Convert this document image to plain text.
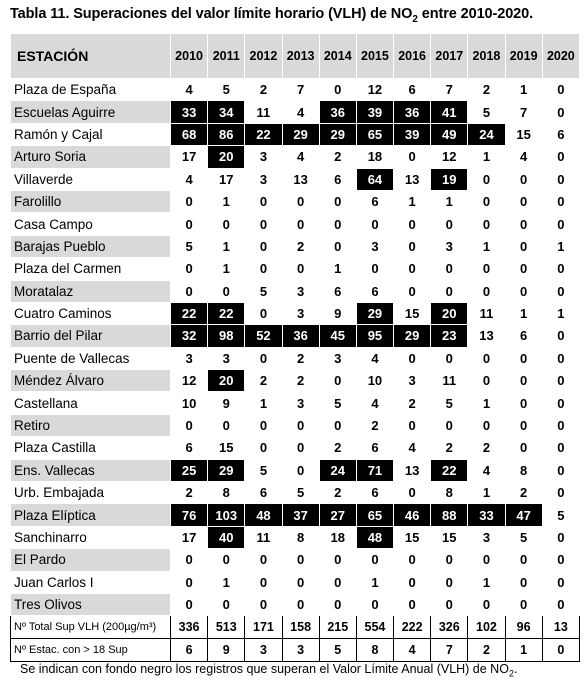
Tabla 11. Superaciones del valor límite horario (VLH) de $NO_2$ entre 2010-2020.
ESTACIÓN	2010	2011	2012	2013	2014	2015	2016	2017	2018	2019	2020
Plaza de España	4	5	2	7	0	12	6	7	2	1	0
Escuelas Aguirre	33	34	11	4	36	39	36	41	5	7	0
Ramón y Cajal	68	86	22	29	29	65	39	49	24	15	6
Arturo Soria	17	20	3	4	2	18	0	12	1	4	0
Villaverde	4	17	3	13	6	64	13	19	0	0	0
Farolillo	0	1	0	0	0	6	1	1	0	0	0
Casa Campo	0	0	0	0	0	0	0	0	0	0	0
Barajas Pueblo	5	1	0	2	0	3	0	3	1	0	1
Plaza del Carmen	0	1	0	0	1	0	0	0	0	0	0
Moratalaz	0	0	5	3	6	6	0	0	0	0	0
Cuatro Caminos	22	22	0	3	9	29	15	20	11	1	1
Barrio del Pilar	32	98	52	36	45	95	29	23	13	6	0
Puente de Vallecas	3	3	0	2	3	4	0	0	0	0	0
Méndez Álvaro	12	20	2	2	0	10	3	11	0	0	0
Castellana	10	9	1	3	5	4	2	5	1	0	0
Retiro	0	0	0	0	0	2	0	0	0	0	0
Plaza Castilla	6	15	0	0	2	6	4	2	2	0	0
Ens. Vallecas	25	29	5	0	24	71	13	22	4	8	0
Urb. Embajada	2	8	6	5	2	6	0	8	1	2	0
Plaza Elíptica	76	103	48	37	27	65	46	88	33	47	5
Sanchinarro	17	40	11	8	18	48	15	15	3	5	0
El Pardo	0	0	0	0	0	0	0	0	0	0	0
Juan Carlos I	0	1	0	0	0	1	0	0	1	0	0
Tres Olivos	0	0	0	0	0	0	0	0	0	0	0
Nº Total Sup VLH (200µg/m³)	336	513	171	158	215	554	222	326	102	96	13
Nº Estac. con > 18 Sup	6	9	3	3	5	8	4	7	2	1	0
Se indican con fondo negro los registros que superan el Valor Límite Anual (VLH) de $NO_2$.
